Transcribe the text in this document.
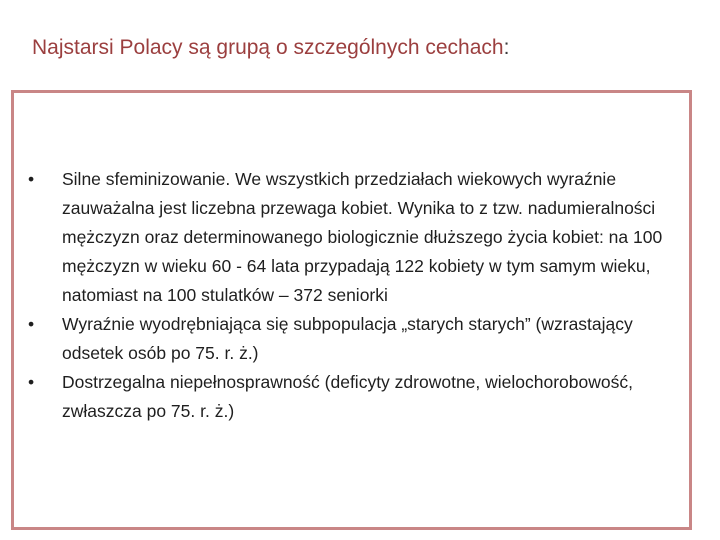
Najstarsi Polacy są grupą o szczególnych cechach:
•	Silne sfeminizowanie. We wszystkich przedziałach wiekowych wyraźnie zauważalna jest liczebna przewaga kobiet. Wynika to z tzw. nadumieralności mężczyzn oraz determinowanego biologicznie dłuższego życia kobiet: na 100 mężczyzn w wieku 60 - 64 lata przypadają 122 kobiety w tym samym wieku, natomiast na 100 stulatków – 372 seniorki
•	Wyraźnie wyodrębniająca się subpopulacja „starych starych” (wzrastający odsetek osób po 75. r. ż.)
•	Dostrzegalna niepełnosprawność (deficyty zdrowotne, wielochorobowość, zwłaszcza po 75. r. ż.)
